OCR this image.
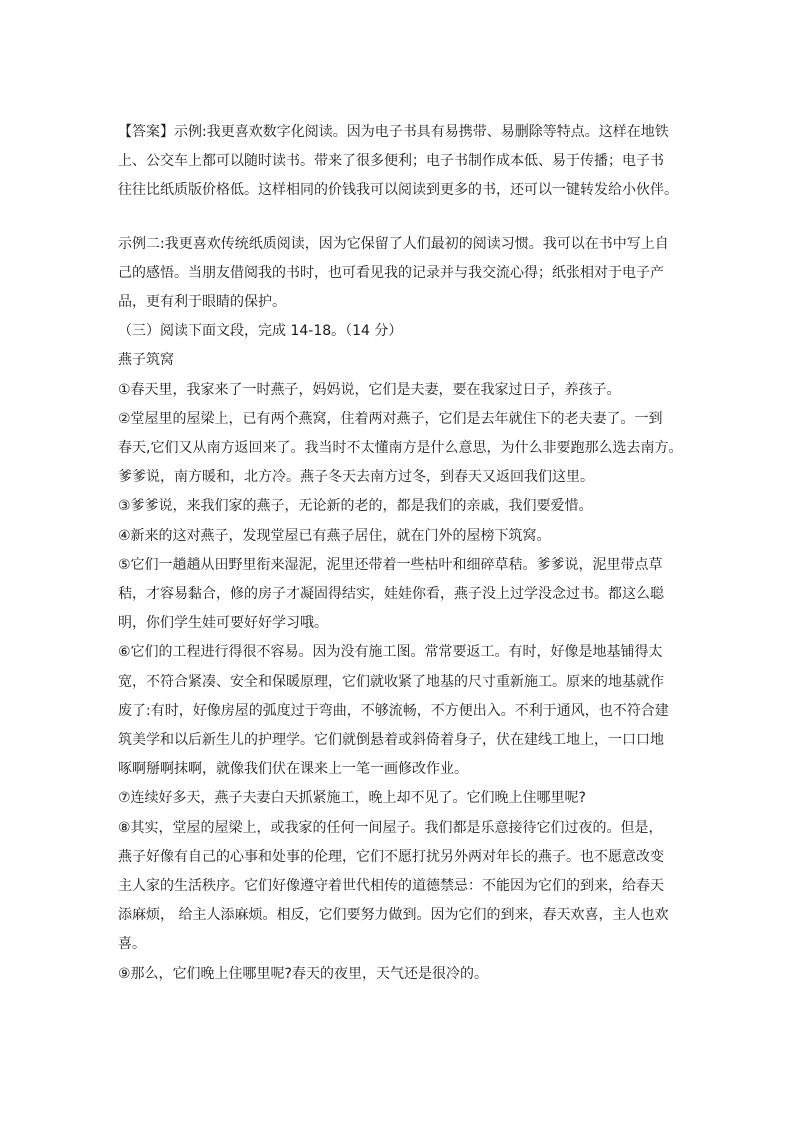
【答案】示例:我更喜欢数字化阅读。因为电子书具有易携带、易删除等特点。这样在地铁
上、公交车上都可以随时读书。带来了很多便利；电子书制作成本低、易于传播；电子书
往往比纸质版价格低。这样相同的价钱我可以阅读到更多的书，还可以一键转发给小伙伴。
示例二:我更喜欢传统纸质阅读，因为它保留了人们最初的阅读习惯。我可以在书中写上自
己的感悟。当朋友借阅我的书时，也可看见我的记录并与我交流心得；纸张相对于电子产
品，更有利于眼睛的保护。
（三）阅读下面文段，完成 14-18。（14 分）
燕子筑窝
①春天里，我家来了一时燕子，妈妈说，它们是夫妻，要在我家过日子，养孩子。
②堂屋里的屋梁上，已有两个燕窝，住着两对燕子，它们是去年就住下的老夫妻了。一到
春天,它们又从南方返回来了。我当时不太懂南方是什么意思，为什么非要跑那么选去南方。
爹爹说，南方暖和，北方冷。燕子冬天去南方过冬，到春天又返回我们这里。
③爹爹说，来我们家的燕子，无论新的老的，都是我们的亲戚，我们要爱惜。
④新来的这对燕子，发现堂屋已有燕子居住，就在门外的屋榜下筑窝。
⑤它们一趟趟从田野里衔来湿泥，泥里还带着一些枯叶和细碎草秸。爹爹说，泥里带点草
秸，才容易黏合，修的房子才凝固得结实，娃娃你看，燕子没上过学没念过书。都这么聪
明，你们学生娃可要好好学习哦。
⑥它们的工程进行得很不容易。因为没有施工图。常常要返工。有时，好像是地基铺得太
宽，不符合紧凑、安全和保暖原理，它们就收紧了地基的尺寸重新施工。原来的地基就作
废了:有时，好像房屋的弧度过于弯曲，不够流畅，不方便出入。不利于通风，也不符合建
筑美学和以后新生儿的护理学。它们就倒悬着或斜倚着身子，伏在建线工地上，一口口地
啄啊掰啊抹啊，就像我们伏在课来上一笔一画修改作业。
⑦连续好多天，燕子夫妻白天抓紧施工，晚上却不见了。它们晚上住哪里呢?
⑧其实，堂屋的屋梁上，或我家的任何一间屋子。我们都是乐意接待它们过夜的。但是，
燕子好像有自己的心事和处事的伦理，它们不愿打扰另外两对年长的燕子。也不愿意改变
主人家的生活秩序。它们好像遵守着世代相传的道德禁忌：不能因为它们的到来，给春天
添麻烦， 给主人添麻烦。相反，它们要努力做到。因为它们的到来，春天欢喜，主人也欢
喜。
⑨那么，它们晚上住哪里呢?春天的夜里，天气还是很冷的。
